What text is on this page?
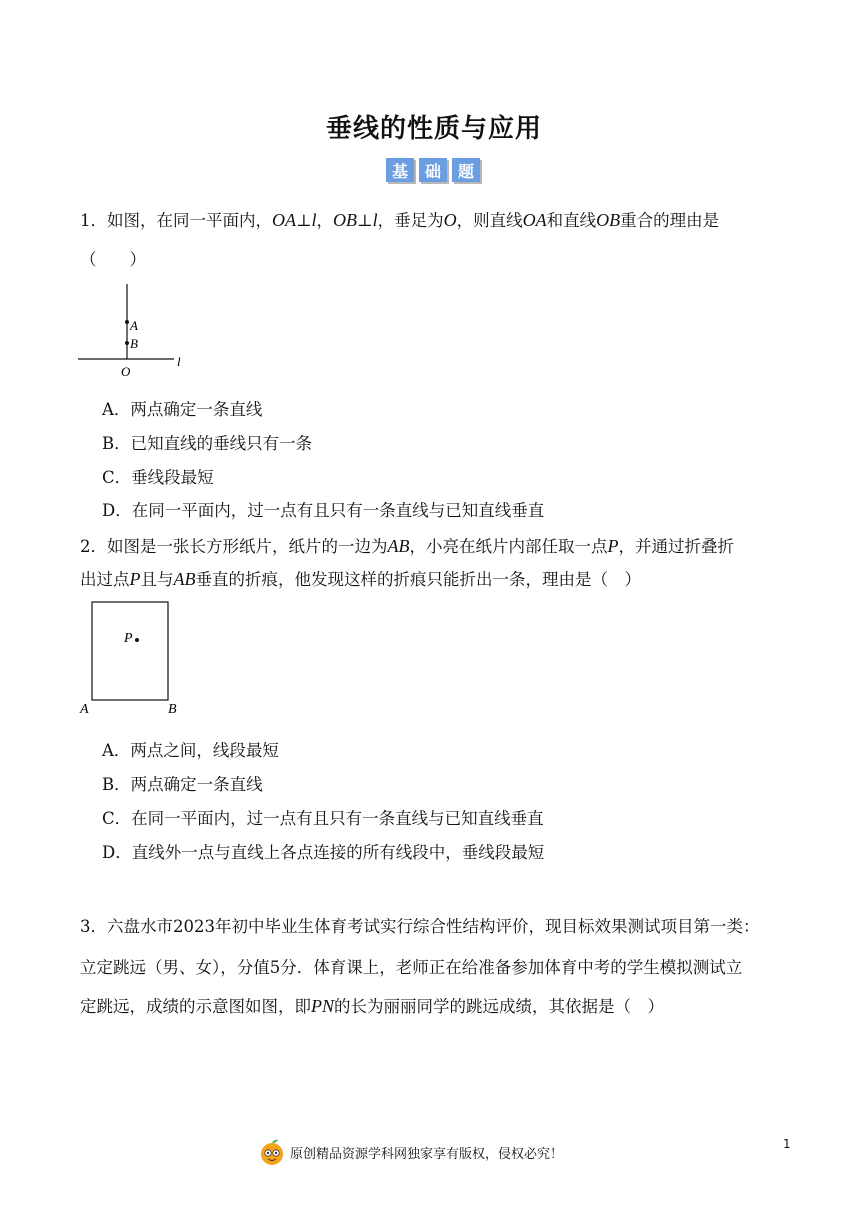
垂线的性质与应用
基	础	题
1．如图，在同一平面内，OA⊥l，OB⊥l，垂足为O，则直线OA和直线OB重合的理由是
（　　）
A
B
O
l
A．两点确定一条直线
B．已知直线的垂线只有一条
C．垂线段最短
D．在同一平面内，过一点有且只有一条直线与已知直线垂直
2．如图是一张长方形纸片，纸片的一边为AB，小亮在纸片内部任取一点P，并通过折叠折
出过点P且与AB垂直的折痕，他发现这样的折痕只能折出一条，理由是（　）
P
A	B
A．两点之间，线段最短
B．两点确定一条直线
C．在同一平面内，过一点有且只有一条直线与已知直线垂直
D．直线外一点与直线上各点连接的所有线段中，垂线段最短
3．六盘水市2023年初中毕业生体育考试实行综合性结构评价，现目标效果测试项目第一类：
立定跳远（男、女），分值5分．体育课上，老师正在给准备参加体育中考的学生模拟测试立
定跳远，成绩的示意图如图，即PN的长为丽丽同学的跳远成绩，其依据是（　）
原创精品资源学科网独家享有版权，侵权必究！
1
